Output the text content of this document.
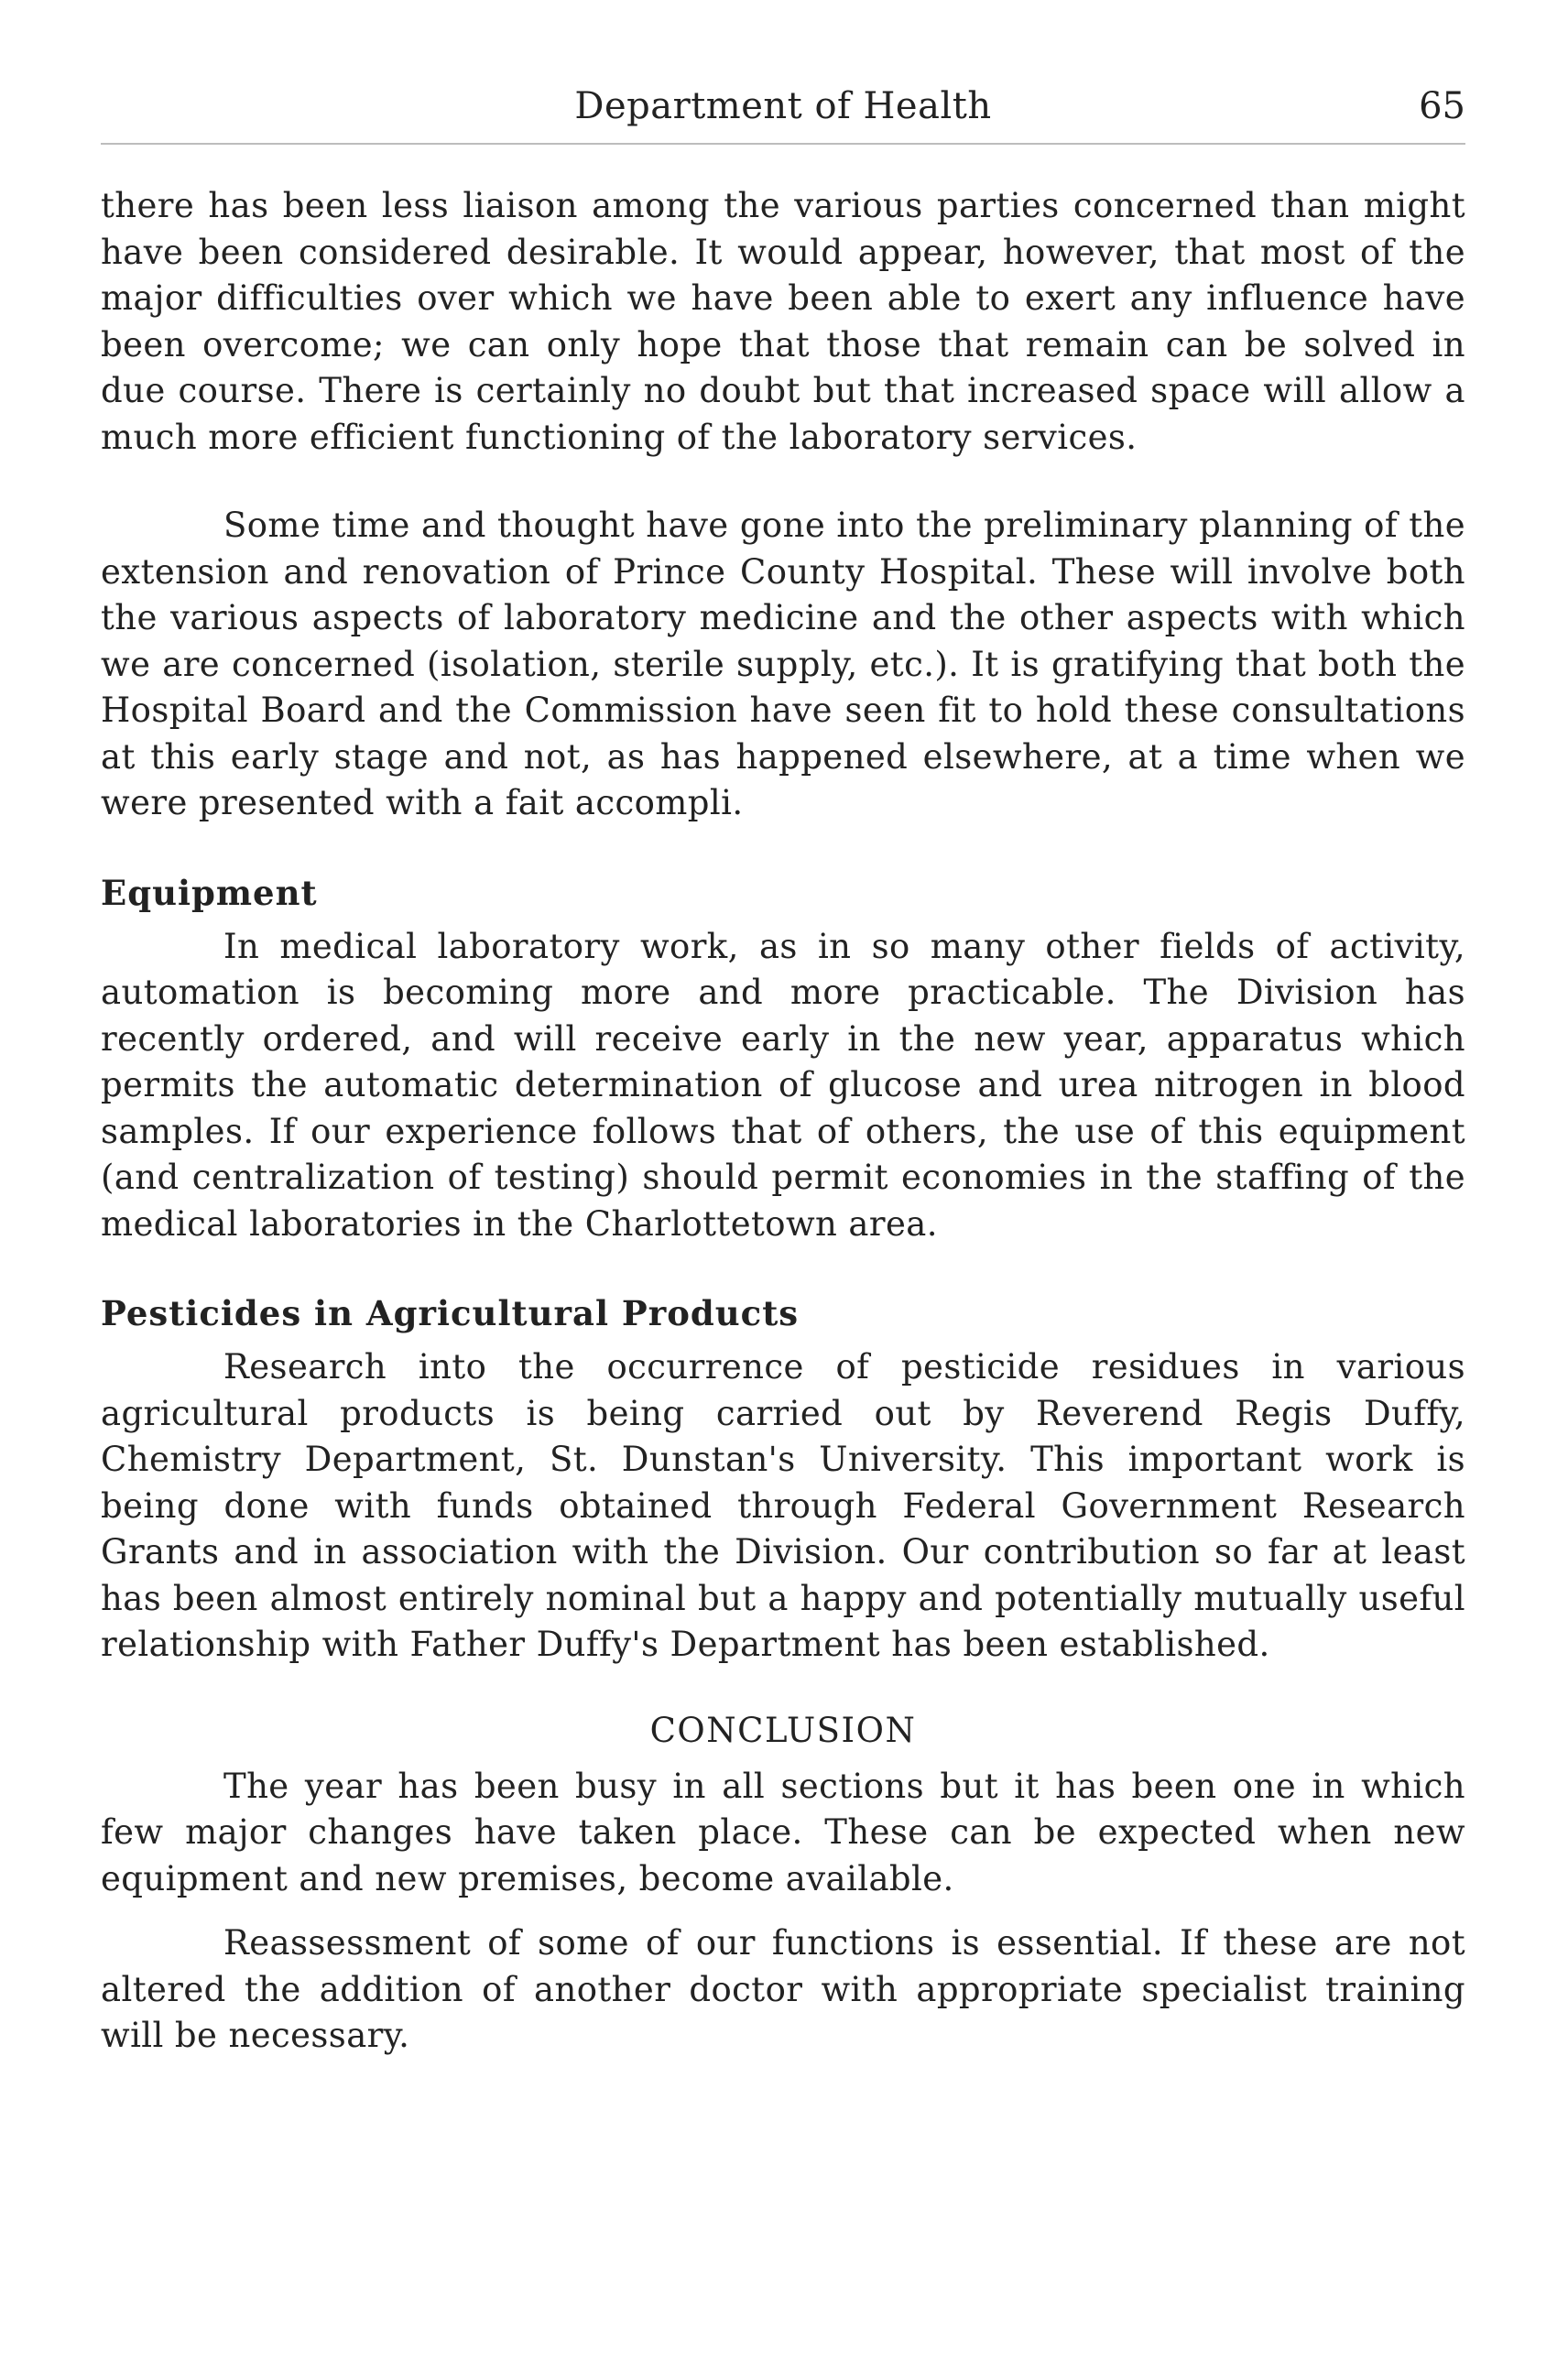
Department of Health	65

there has been less liaison among the various parties concerned than might have been considered desirable. It would appear, however, that most of the major difficulties over which we have been able to exert any influence have been overcome; we can only hope that those that remain can be solved in due course. There is certainly no doubt but that increased space will allow a much more efficient functioning of the laboratory services.

Some time and thought have gone into the preliminary planning of the extension and renovation of Prince County Hospital. These will involve both the various aspects of laboratory medicine and the other aspects with which we are concerned (isolation, sterile supply, etc.). It is gratifying that both the Hospital Board and the Commission have seen fit to hold these consultations at this early stage and not, as has happened elsewhere, at a time when we were presented with a fait accompli.

Equipment

In medical laboratory work, as in so many other fields of activity, automation is becoming more and more practicable. The Division has recently ordered, and will receive early in the new year, apparatus which permits the automatic determination of glucose and urea nitrogen in blood samples. If our experience follows that of others, the use of this equipment (and centralization of testing) should permit economies in the staffing of the medical laboratories in the Charlottetown area.

Pesticides in Agricultural Products

Research into the occurrence of pesticide residues in various agricultural products is being carried out by Reverend Regis Duffy, Chemistry Department, St. Dunstan's University. This important work is being done with funds obtained through Federal Government Research Grants and in association with the Division. Our contribution so far at least has been almost entirely nominal but a happy and potentially mutually useful relationship with Father Duffy's Department has been established.

CONCLUSION

The year has been busy in all sections but it has been one in which few major changes have taken place. These can be expected when new equipment and new premises, become available.

Reassessment of some of our functions is essential. If these are not altered the addition of another doctor with appropriate specialist training will be necessary.
